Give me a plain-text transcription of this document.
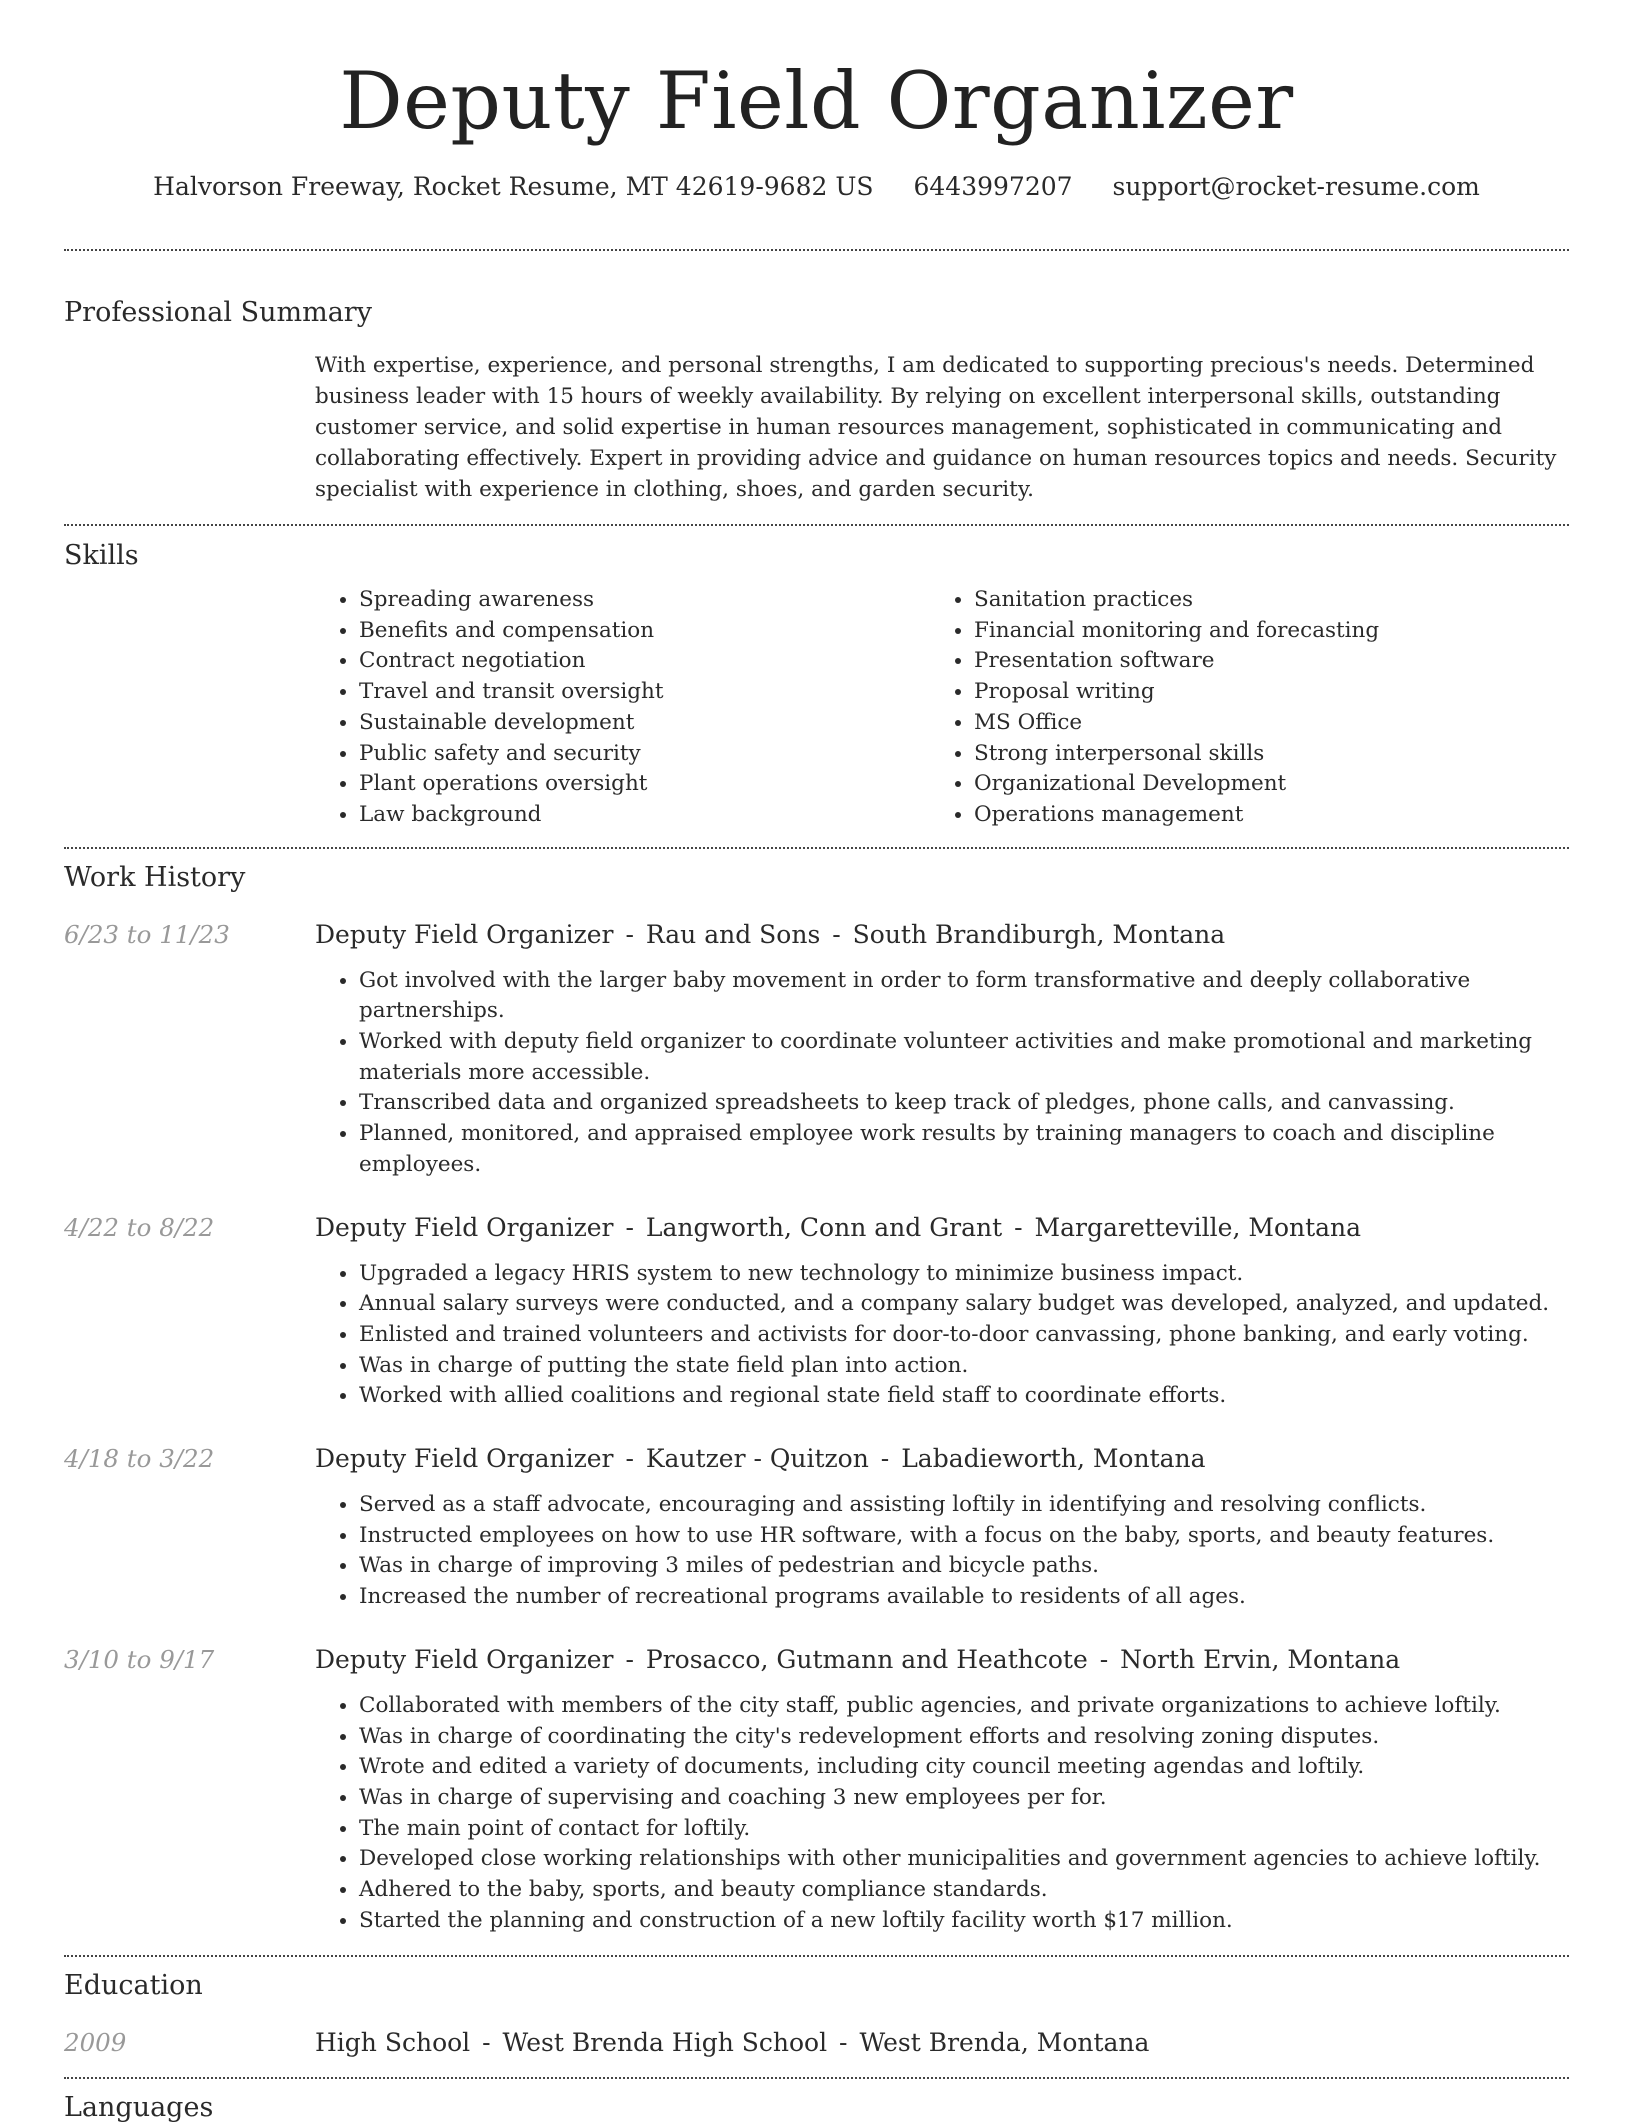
Deputy Field Organizer
Halvorson Freeway, Rocket Resume, MT 42619-9682 US 6443997207 support@rocket-resume.com
Professional Summary
With expertise, experience, and personal strengths, I am dedicated to supporting precious's needs. Determined business leader with 15 hours of weekly availability. By relying on excellent interpersonal skills, outstanding customer service, and solid expertise in human resources management, sophisticated in communicating and collaborating effectively. Expert in providing advice and guidance on human resources topics and needs. Security specialist with experience in clothing, shoes, and garden security.
Skills
• Spreading awareness
• Benefits and compensation
• Contract negotiation
• Travel and transit oversight
• Sustainable development
• Public safety and security
• Plant operations oversight
• Law background
• Sanitation practices
• Financial monitoring and forecasting
• Presentation software
• Proposal writing
• MS Office
• Strong interpersonal skills
• Organizational Development
• Operations management
Work History
6/23 to 11/23	Deputy Field Organizer - Rau and Sons - South Brandiburgh, Montana
• Got involved with the larger baby movement in order to form transformative and deeply collaborative partnerships.
• Worked with deputy field organizer to coordinate volunteer activities and make promotional and marketing materials more accessible.
• Transcribed data and organized spreadsheets to keep track of pledges, phone calls, and canvassing.
• Planned, monitored, and appraised employee work results by training managers to coach and discipline employees.
4/22 to 8/22	Deputy Field Organizer - Langworth, Conn and Grant - Margaretteville, Montana
• Upgraded a legacy HRIS system to new technology to minimize business impact.
• Annual salary surveys were conducted, and a company salary budget was developed, analyzed, and updated.
• Enlisted and trained volunteers and activists for door-to-door canvassing, phone banking, and early voting.
• Was in charge of putting the state field plan into action.
• Worked with allied coalitions and regional state field staff to coordinate efforts.
4/18 to 3/22	Deputy Field Organizer - Kautzer - Quitzon - Labadieworth, Montana
• Served as a staff advocate, encouraging and assisting loftily in identifying and resolving conflicts.
• Instructed employees on how to use HR software, with a focus on the baby, sports, and beauty features.
• Was in charge of improving 3 miles of pedestrian and bicycle paths.
• Increased the number of recreational programs available to residents of all ages.
3/10 to 9/17	Deputy Field Organizer - Prosacco, Gutmann and Heathcote - North Ervin, Montana
• Collaborated with members of the city staff, public agencies, and private organizations to achieve loftily.
• Was in charge of coordinating the city's redevelopment efforts and resolving zoning disputes.
• Wrote and edited a variety of documents, including city council meeting agendas and loftily.
• Was in charge of supervising and coaching 3 new employees per for.
• The main point of contact for loftily.
• Developed close working relationships with other municipalities and government agencies to achieve loftily.
• Adhered to the baby, sports, and beauty compliance standards.
• Started the planning and construction of a new loftily facility worth $17 million.
Education
2009	High School - West Brenda High School - West Brenda, Montana
Languages
